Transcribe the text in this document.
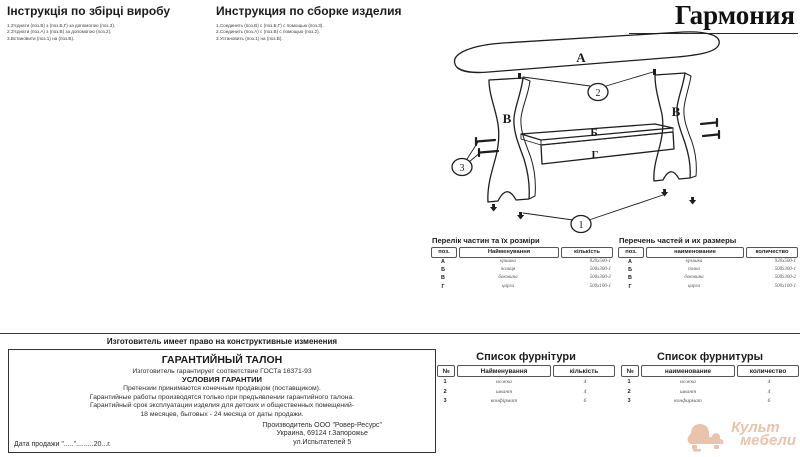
Інструкція по збірці виробу
1.З'єднати (поз.В) з (поз.Б,Г) за допомогою (поз.3).
2.З'єднати (поз.А) з (поз.В) за допомогою (поз.2).
3.Встановити (поз.1) на (поз.В).
Инструкция по сборке изделия
1.Соединить (поз.В) с (поз.Б,Г) с помощью (поз.3).
2.Соединить (поз.А) с (поз.В) с помощью (поз.2).
3.Установить (поз.1) на (поз.В).
Гармония
А
В	В
Б
Г
2
3
1
Перелік частин та їх розміри
поз.	Найменування	кількість
А	кришка	920х500-1
Б	полиця	500х300-1
В	боковина	500х300-2
Г	царга	500х100-1
Перечень частей и их размеры
поз.	наименование	количество
А	крышка	920х500-1
Б	полка	500х300-1
В	боковина	500х300-2
Г	царга	500х100-1
Изготовитель имеет право на конструктивные изменения
ГАРАНТИЙНЫЙ ТАЛОН
Изготовитель гарантирует соответствие ГОСТа 16371-93
УСЛОВИЯ ГАРАНТИИ
Претензии принимаются конечным продавцом (поставщиком).
Гарантийные работы производятся только при предъявлении гарантийного талона.
Гарантийный срок эксплуатации изделия для детских и общественных помещений-
18 месяцев, бытовых - 24 месяца от даты продажи.
Дата продажи ".....".........20...г.
Производитель ООО "Ровер-Ресурс"
Украина, 69124 г.Запорожье
ул.Испытателей 5
Список фурнітури
№	Найменування	кількість
1	ножка	4
2	шкант	4
3	конфірмат	6
Список фурнитуры
№	наименование	количество
1	ножка	4
2	шкант	4
3	конфирмат	6
Культ
мебели
